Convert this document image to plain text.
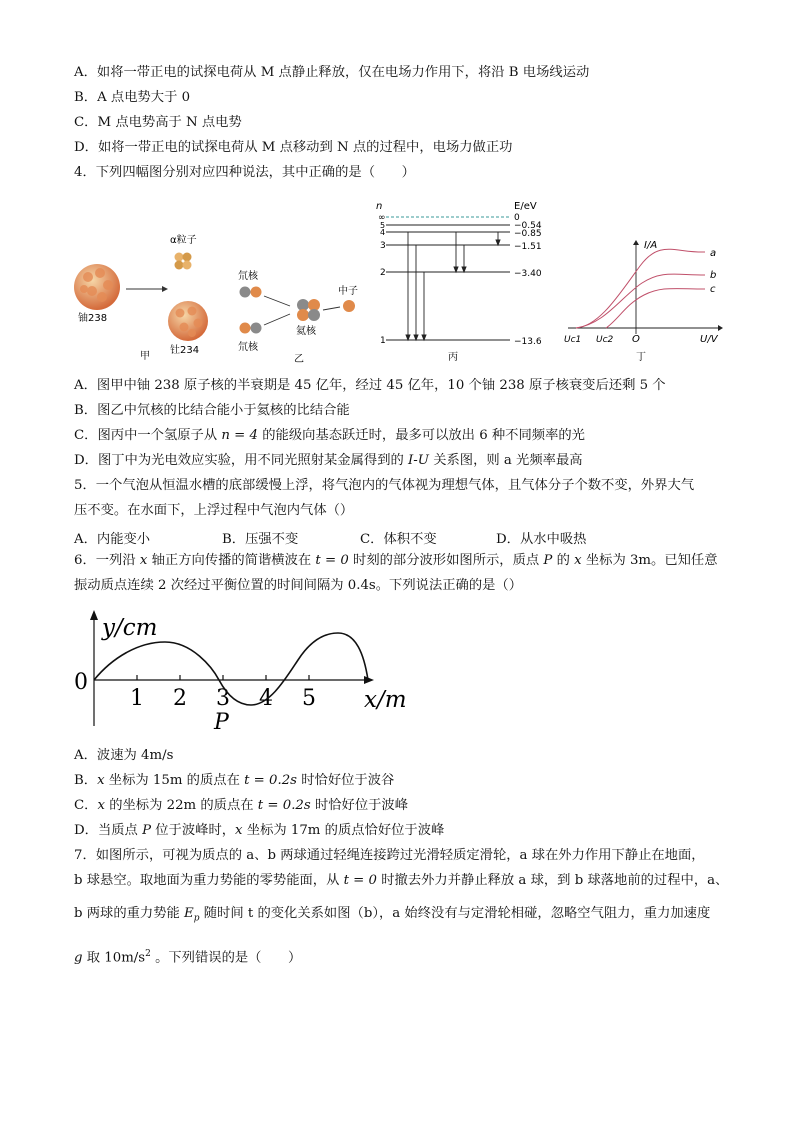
A．如将一带正电的试探电荷从 M 点静止释放，仅在电场力作用下，将沿 B 电场线运动
B．A 点电势大于 0
C．M 点电势高于 N 点电势
D．如将一带正电的试探电荷从 M 点移动到 N 点的过程中，电场力做正功
4．下列四幅图分别对应四种说法，其中正确的是（　　）
α粒子
铀238
钍234
甲
氘核
氘核
氦核
中子
乙
n	E/eV
∞
5
4
3
2
1
0
−0.54
−0.85
−1.51
−3.40
−13.6
丙
I/A
U/V
O
Uc1 Uc2
a
b
c
丁
A．图甲中铀 238 原子核的半衰期是 45 亿年，经过 45 亿年，10 个铀 238 原子核衰变后还剩 5 个
B．图乙中氘核的比结合能小于氦核的比结合能
C．图丙中一个氢原子从 n = 4 的能级向基态跃迁时，最多可以放出 6 种不同频率的光
D．图丁中为光电效应实验，用不同光照射某金属得到的 I-U 关系图，则 a 光频率最高
5．一个气泡从恒温水槽的底部缓慢上浮，将气泡内的气体视为理想气体，且气体分子个数不变，外界大气
压不变。在水面下，上浮过程中气泡内气体（）
A．内能变小	B．压强不变	C．体积不变	D．从水中吸热
6．一列沿 x 轴正方向传播的简谐横波在 t = 0 时刻的部分波形如图所示，质点 P 的 x 坐标为 3m。已知任意
振动质点连续 2 次经过平衡位置的时间间隔为 0.4s。下列说法正确的是（）
y/cm
x/m
0
1 2 3 4 5
P
A．波速为 4m/s
B．x 坐标为 15m 的质点在 t = 0.2s 时恰好位于波谷
C．x 的坐标为 22m 的质点在 t = 0.2s 时恰好位于波峰
D．当质点 P 位于波峰时，x 坐标为 17m 的质点恰好位于波峰
7．如图所示，可视为质点的 a、b 两球通过轻绳连接跨过光滑轻质定滑轮，a 球在外力作用下静止在地面，
b 球悬空。取地面为重力势能的零势能面，从 t = 0 时撤去外力并静止释放 a 球，到 b 球落地前的过程中，a、
b 两球的重力势能 $E_p$ 随时间 t 的变化关系如图（b），a 始终没有与定滑轮相碰，忽略空气阻力，重力加速度
g 取 $10m/s^2$ 。下列错误的是（　　）
